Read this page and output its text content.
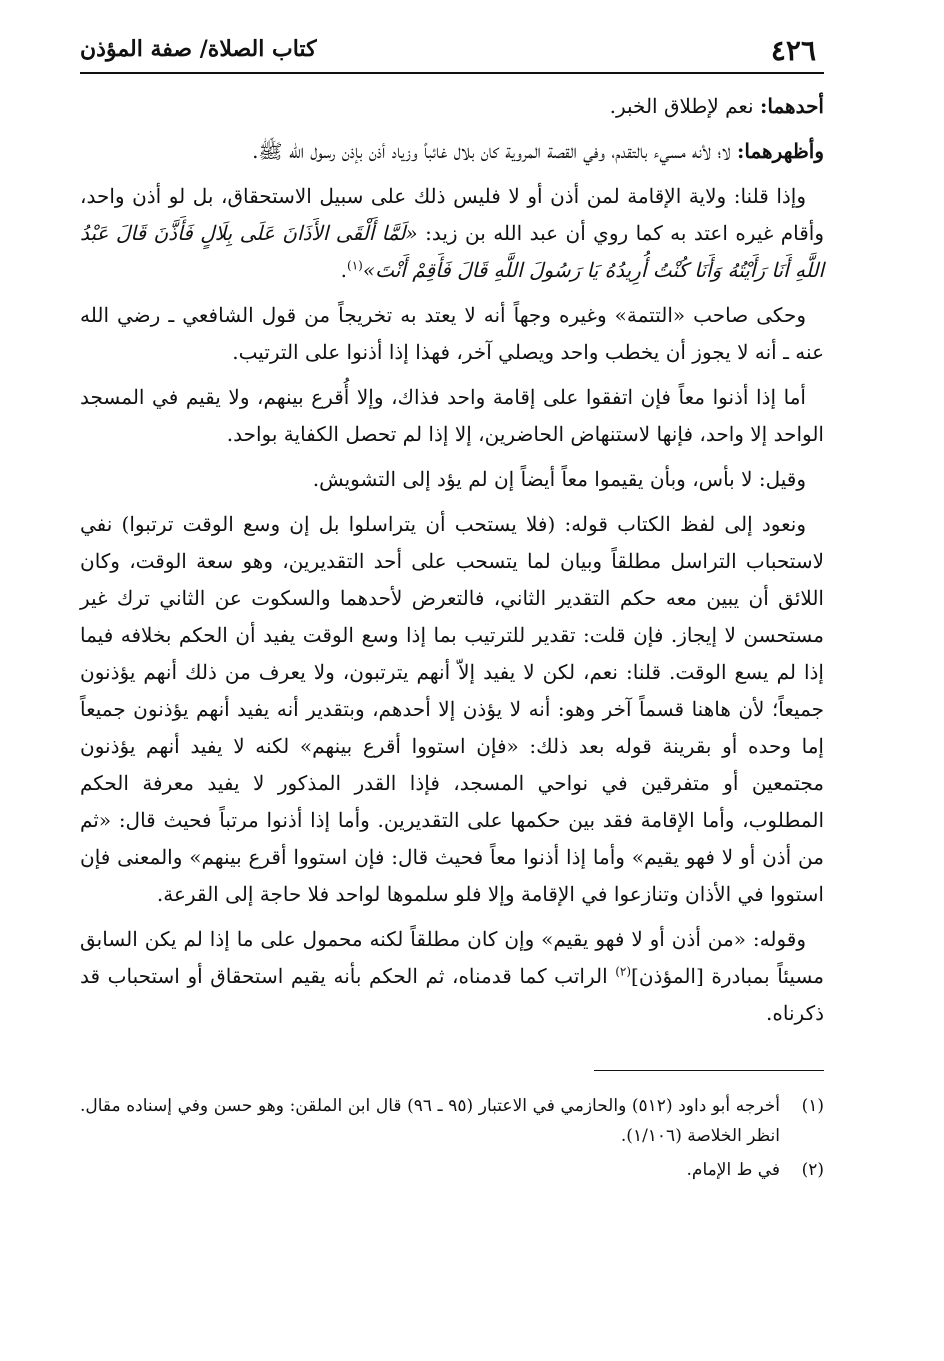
٤٢٦
كتاب الصلاة/ صفة المؤذن

أحدهما: نعم لإطلاق الخبر.

وأظهرهما: لا؛ لأنه مسيء بالتقدم، وفي القصة المروية كان بلال غائباً وزياد أذن بإذن رسول الله ﷺ.

وإذا قلنا: ولاية الإقامة لمن أذن أو لا فليس ذلك على سبيل الاستحقاق، بل لو أذن واحد، وأقام غيره اعتد به كما روي أن عبد الله بن زيد: «لَمَّا أَلْقَى الأَذَانَ عَلَى بِلَالٍ فَأَذَّنَ قَالَ عَبْدُ اللَّهِ أَنَا رَأَيْتُهُ وَأَنَا كُنْتُ أُرِيدُهُ يَا رَسُولَ اللَّهِ قَالَ فَأَقِمْ أَنْتَ»$^{(١)}$.

وحكى صاحب «التتمة» وغيره وجهاً أنه لا يعتد به تخريجاً من قول الشافعي ـ رضي الله عنه ـ أنه لا يجوز أن يخطب واحد ويصلي آخر، فهذا إذا أذنوا على الترتيب.

أما إذا أذنوا معاً فإن اتفقوا على إقامة واحد فذاك، وإلا أُقرع بينهم، ولا يقيم في المسجد الواحد إلا واحد، فإنها لاستنهاض الحاضرين، إلا إذا لم تحصل الكفاية بواحد.

وقيل: لا بأس، وبأن يقيموا معاً أيضاً إن لم يؤد إلى التشويش.

ونعود إلى لفظ الكتاب قوله: (فلا يستحب أن يتراسلوا بل إن وسع الوقت ترتبوا) نفي لاستحباب التراسل مطلقاً وبيان لما يتسحب على أحد التقديرين، وهو سعة الوقت، وكان اللائق أن يبين معه حكم التقدير الثاني، فالتعرض لأحدهما والسكوت عن الثاني ترك غير مستحسن لا إيجاز. فإن قلت: تقدير للترتيب بما إذا وسع الوقت يفيد أن الحكم بخلافه فيما إذا لم يسع الوقت. قلنا: نعم، لكن لا يفيد إلاّ أنهم يترتبون، ولا يعرف من ذلك أنهم يؤذنون جميعاً؛ لأن هاهنا قسماً آخر وهو: أنه لا يؤذن إلا أحدهم، وبتقدير أنه يفيد أنهم يؤذنون جميعاً إما وحده أو بقرينة قوله بعد ذلك: «فإن استووا أقرع بينهم» لكنه لا يفيد أنهم يؤذنون مجتمعين أو متفرقين في نواحي المسجد، فإذا القدر المذكور لا يفيد معرفة الحكم المطلوب، وأما الإقامة فقد بين حكمها على التقديرين. وأما إذا أذنوا مرتباً فحيث قال: «ثم من أذن أو لا فهو يقيم» وأما إذا أذنوا معاً فحيث قال: فإن استووا أقرع بينهم» والمعنى فإن استووا في الأذان وتنازعوا في الإقامة وإلا فلو سلموها لواحد فلا حاجة إلى القرعة.

وقوله: «من أذن أو لا فهو يقيم» وإن كان مطلقاً لكنه محمول على ما إذا لم يكن السابق مسيئاً بمبادرة [المؤذن]$^{(٢)}$ الراتب كما قدمناه، ثم الحكم بأنه يقيم استحقاق أو استحباب قد ذكرناه.

(١)
أخرجه أبو داود (٥١٢) والحازمي في الاعتبار (٩٥ ـ ٩٦) قال ابن الملقن: وهو حسن وفي إسناده مقال. انظر الخلاصة (١/١٠٦).
(٢)
في ط الإمام.
